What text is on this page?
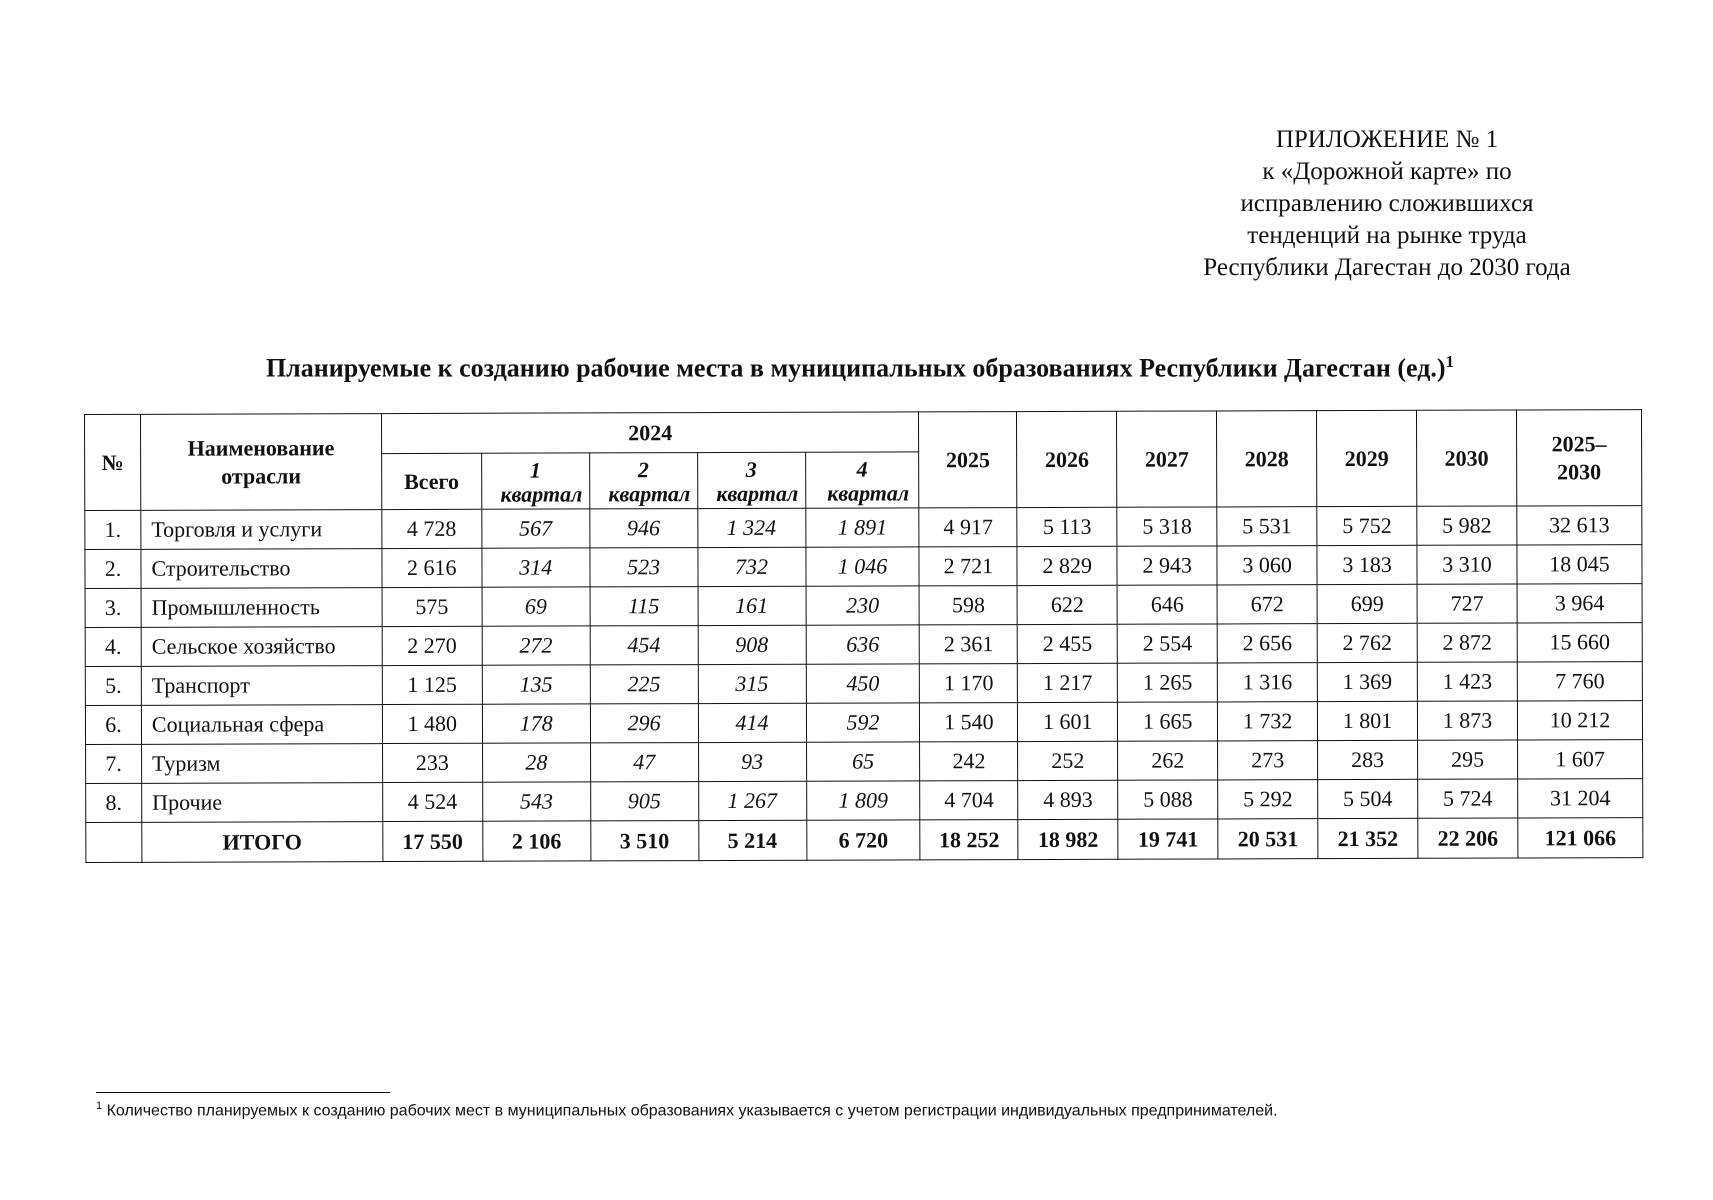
ПРИЛОЖЕНИЕ № 1
к «Дорожной карте» по
исправлению сложившихся
тенденций на рынке труда
Республики Дагестан до 2030 года
Планируемые к созданию рабочие места в муниципальных образованиях Республики Дагестан $(ед.)^1$
№	Наименование отрасли	2024					2025	2026	2027	2028	2029	2030	2025–2030

		Всего	1 квартал	2 квартал	3 квартал	4 квартал							

1.	Торговля и услуги	4 728	567	946	1 324	1 891	4 917	5 113	5 318	5 531	5 752	5 982	32 613
2.	Строительство	2 616	314	523	732	1 046	2 721	2 829	2 943	3 060	3 183	3 310	18 045
3.	Промышленность	575	69	115	161	230	598	622	646	672	699	727	3 964
4.	Сельское хозяйство	2 270	272	454	908	636	2 361	2 455	2 554	2 656	2 762	2 872	15 660
5.	Транспорт	1 125	135	225	315	450	1 170	1 217	1 265	1 316	1 369	1 423	7 760
6.	Социальная сфера	1 480	178	296	414	592	1 540	1 601	1 665	1 732	1 801	1 873	10 212
7.	Туризм	233	28	47	93	65	242	252	262	273	283	295	1 607
8.	Прочие	4 524	543	905	1 267	1 809	4 704	4 893	5 088	5 292	5 504	5 724	31 204
	ИТОГО	17 550	2 106	3 510	5 214	6 720	18 252	18 982	19 741	20 531	21 352	22 206	121 066
$^1$ Количество планируемых к созданию рабочих мест в муниципальных образованиях указывается с учетом регистрации индивидуальных предпринимателей.
